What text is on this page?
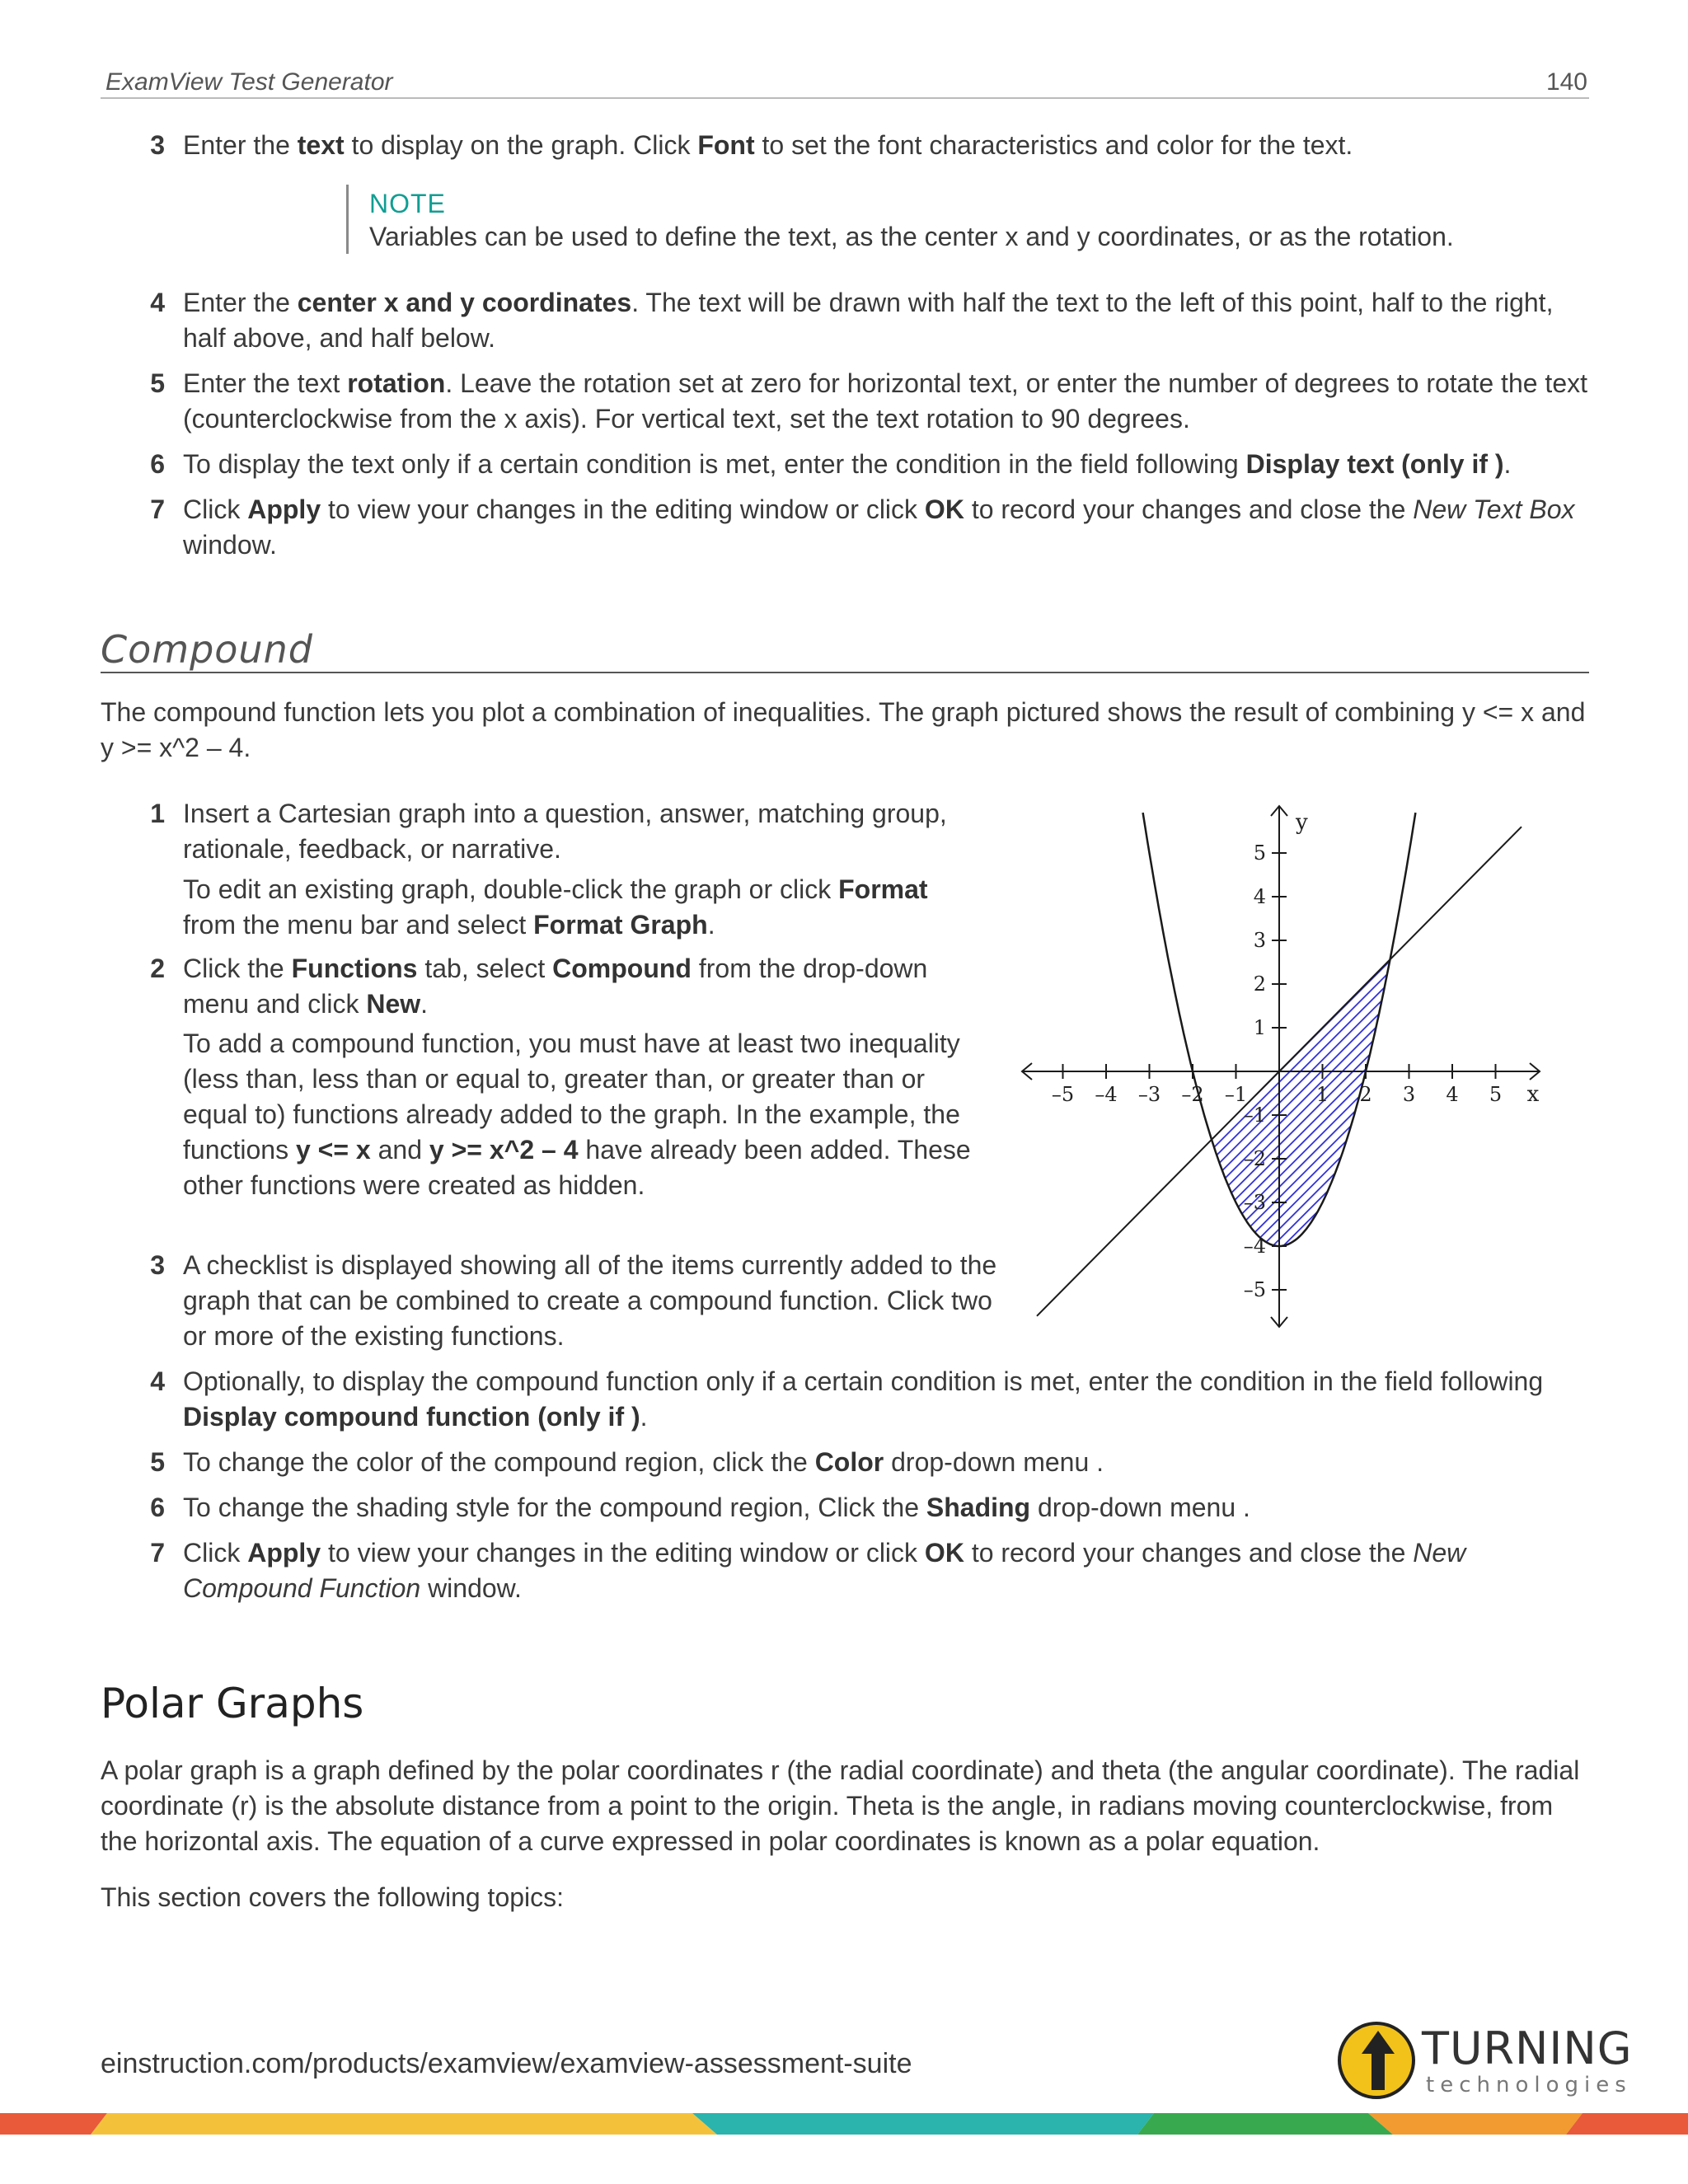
ExamView Test Generator	140
3 Enter the text to display on the graph. Click Font to set the font characteristics and color for the text.
NOTE
Variables can be used to define the text, as the center x and y coordinates, or as the rotation.
4 Enter the center x and y coordinates. The text will be drawn with half the text to the left of this point, half to the right, half above, and half below.
5 Enter the text rotation. Leave the rotation set at zero for horizontal text, or enter the number of degrees to rotate the text (counterclockwise from the x axis). For vertical text, set the text rotation to 90 degrees.
6 To display the text only if a certain condition is met, enter the condition in the field following Display text (only if ).
7 Click Apply to view your changes in the editing window or click OK to record your changes and close the New Text Box window.
Compound
The compound function lets you plot a combination of inequalities. The graph pictured shows the result of combining y <= x and y >= x^2 – 4.
1 Insert a Cartesian graph into a question, answer, matching group, rationale, feedback, or narrative.
To edit an existing graph, double-click the graph or click Format from the menu bar and select Format Graph.
2 Click the Functions tab, select Compound from the drop-down menu and click New.
To add a compound function, you must have at least two inequality (less than, less than or equal to, greater than, or greater than or equal to) functions already added to the graph. In the example, the functions y <= x and y >= x^2 – 4 have already been added. These other functions were created as hidden.
3 A checklist is displayed showing all of the items currently added to the graph that can be combined to create a compound function. Click two or more of the existing functions.
4 Optionally, to display the compound function only if a certain condition is met, enter the condition in the field following Display compound function (only if ).
5 To change the color of the compound region, click the Color drop-down menu .
6 To change the shading style for the compound region, Click the Shading drop-down menu .
7 Click Apply to view your changes in the editing window or click OK to record your changes and close the New Compound Function window.
–5 –4 –3 –2 –1	1 2 3 4 5
5
4
3
2
1
–1
–2
–3
–4
–5
x
y
Polar Graphs
A polar graph is a graph defined by the polar coordinates r (the radial coordinate) and theta (the angular coordinate). The radial coordinate (r) is the absolute distance from a point to the origin. Theta is the angle, in radians moving counterclockwise, from the horizontal axis. The equation of a curve expressed in polar coordinates is known as a polar equation.
This section covers the following topics:
einstruction.com/products/examview/examview-assessment-suite	TURNING
technologies
